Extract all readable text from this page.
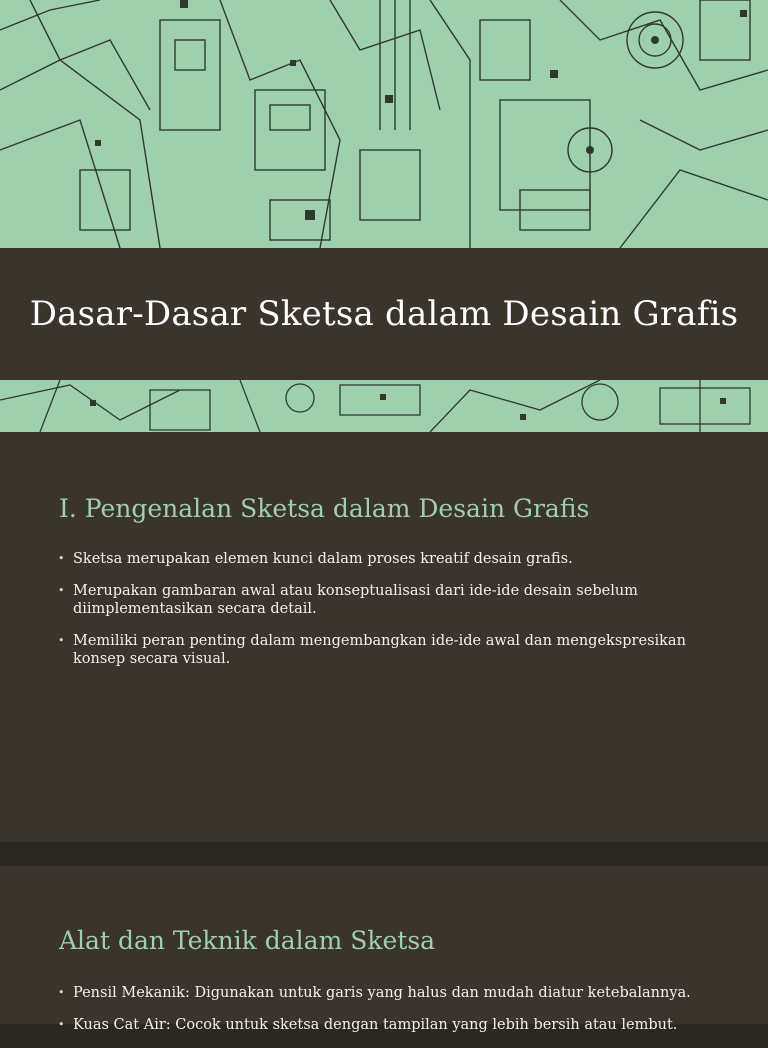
Dasar-Dasar Sketsa dalam Desain Grafis
I. Pengenalan Sketsa dalam Desain Grafis
• Sketsa merupakan elemen kunci dalam proses kreatif desain grafis.
• Merupakan gambaran awal atau konseptualisasi dari ide-ide desain sebelum diimplementasikan secara detail.
• Memiliki peran penting dalam mengembangkan ide-ide awal dan mengekspresikan konsep secara visual.
Alat dan Teknik dalam Sketsa
• Pensil Mekanik: Digunakan untuk garis yang halus dan mudah diatur ketebalannya.
• Kuas Cat Air: Cocok untuk sketsa dengan tampilan yang lebih bersih atau lembut.
